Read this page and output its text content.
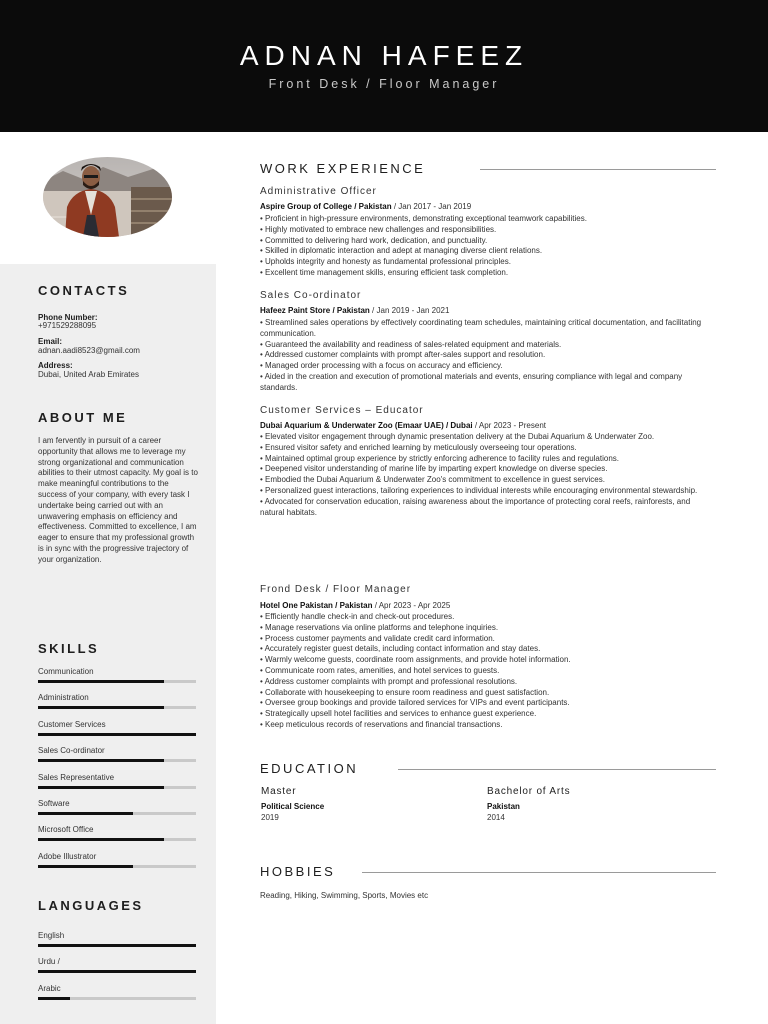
ADNAN HAFEEZ
Front Desk / Floor Manager
CONTACTS
Phone Number:
+971529288095
Email:
adnan.aadi8523@gmail.com
Address:
Dubai, United Arab Emirates
ABOUT ME
I am fervently in pursuit of a career opportunity that allows me to leverage my strong organizational and communication abilities to their utmost capacity. My goal is to make meaningful contributions to the success of your company, with every task I undertake being carried out with an unwavering emphasis on efficiency and effectiveness. Committed to excellence, I am eager to ensure that my professional growth is in sync with the progressive trajectory of your organization.
SKILLS
Communication
Administration
Customer Services
Sales Co-ordinator
Sales Representative
Software
Microsoft Office
Adobe Illustrator
LANGUAGES
English
Urdu /
Arabic
WORK EXPERIENCE
Administrative Officer
Aspire Group of College / Pakistan / Jan 2017 - Jan 2019
• Proficient in high-pressure environments, demonstrating exceptional teamwork capabilities.
• Highly motivated to embrace new challenges and responsibilities.
• Committed to delivering hard work, dedication, and punctuality.
• Skilled in diplomatic interaction and adept at managing diverse client relations.
• Upholds integrity and honesty as fundamental professional principles.
• Excellent time management skills, ensuring efficient task completion.
Sales Co-ordinator
Hafeez Paint Store / Pakistan / Jan 2019 - Jan 2021
• Streamlined sales operations by effectively coordinating team schedules, maintaining critical documentation, and facilitating communication.
• Guaranteed the availability and readiness of sales-related equipment and materials.
• Addressed customer complaints with prompt after-sales support and resolution.
• Managed order processing with a focus on accuracy and efficiency.
• Aided in the creation and execution of promotional materials and events, ensuring compliance with legal and company standards.
Customer Services – Educator
Dubai Aquarium & Underwater Zoo (Emaar UAE) / Dubai / Apr 2023 - Present
• Elevated visitor engagement through dynamic presentation delivery at the Dubai Aquarium & Underwater Zoo.
• Ensured visitor safety and enriched learning by meticulously overseeing tour operations.
• Maintained optimal group experience by strictly enforcing adherence to facility rules and regulations.
• Deepened visitor understanding of marine life by imparting expert knowledge on diverse species.
• Embodied the Dubai Aquarium & Underwater Zoo's commitment to excellence in guest services.
• Personalized guest interactions, tailoring experiences to individual interests while encouraging environmental stewardship.
• Advocated for conservation education, raising awareness about the importance of protecting coral reefs, rainforests, and natural habitats.
Frond Desk / Floor Manager
Hotel One Pakistan / Pakistan / Apr 2023 - Apr 2025
• Efficiently handle check-in and check-out procedures.
• Manage reservations via online platforms and telephone inquiries.
• Process customer payments and validate credit card information.
• Accurately register guest details, including contact information and stay dates.
• Warmly welcome guests, coordinate room assignments, and provide hotel information.
• Communicate room rates, amenities, and hotel services to guests.
• Address customer complaints with prompt and professional resolutions.
• Collaborate with housekeeping to ensure room readiness and guest satisfaction.
• Oversee group bookings and provide tailored services for VIPs and event participants.
• Strategically upsell hotel facilities and services to enhance guest experience.
• Keep meticulous records of reservations and financial transactions.
EDUCATION
Master
Political Science
2019
Bachelor of Arts
Pakistan
2014
HOBBIES
Reading, Hiking, Swimming, Sports, Movies etc
